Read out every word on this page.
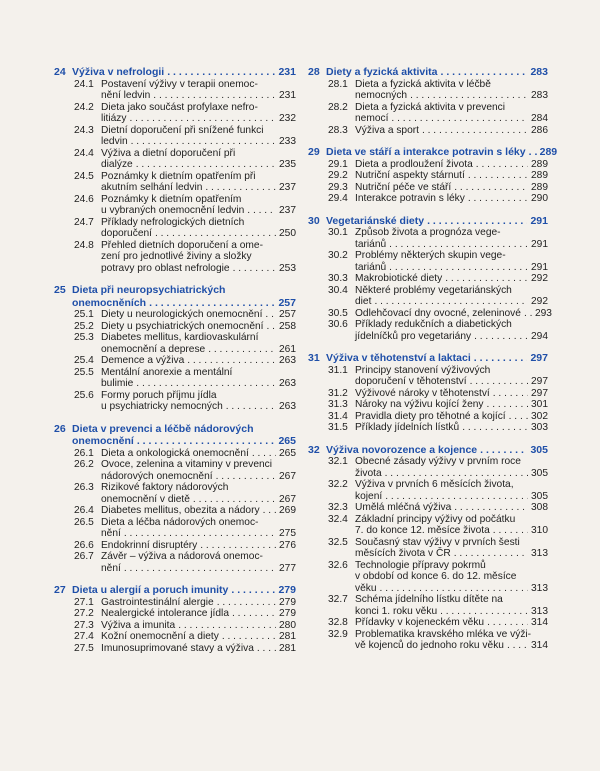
24 Výživa v nefrologii . . .	231
24.1 Postavení výživy v terapii onemoc-
nění ledvin . . .	231
24.2 Dieta jako součást profylaxe nefro-
litiázy . . .	232
24.3 Dietní doporučení při snížené funkci
ledvin . . .	233
24.4 Výživa a dietní doporučení při
dialýze . . .	235
24.5 Poznámky k dietním opatřením při
akutním selhání ledvin . . .	237
24.6 Poznámky k dietním opatřením
u vybraných onemocnění ledvin . . .	237
24.7 Příklady nefrologických dietních
doporučení . . .	250
24.8 Přehled dietních doporučení a ome-
zení pro jednotlivé živiny a složky
potravy pro oblast nefrologie . . .	253
25 Dieta při neuropsychiatrických
onemocněních . . .	257
25.1 Diety u neurologických onemocnění . . . 257
25.2 Diety u psychiatrických onemocnění . . . 258
25.3 Diabetes mellitus, kardiovaskulární
onemocnění a deprese . . .	261
25.4 Demence a výživa . . .	263
25.5 Mentální anorexie a mentální
bulimie . . .	263
25.6 Formy poruch příjmu jídla
u psychiatricky nemocných . . .	263
26 Dieta v prevenci a léčbě nádorových
onemocnění . . .	265
26.1 Dieta a onkologická onemocnění . . .	265
26.2 Ovoce, zelenina a vitaminy v prevenci
nádorových onemocnění . . .	267
26.3 Rizikové faktory nádorových
onemocnění v dietě . . .	267
26.4 Diabetes mellitus, obezita a nádory . . . 269
26.5 Dieta a léčba nádorových onemoc-
nění . . .	275
26.6 Endokrinní disruptéry . . .	276
26.7 Závěr – výživa a nádorová onemoc-
nění . . .	277
27 Dieta u alergií a poruch imunity . . .	279
27.1 Gastrointestinální alergie . . .	279
27.2 Nealergické intolerance jídla . . .	279
27.3 Výživa a imunita . . .	280
27.4 Kožní onemocnění a diety . . .	281
27.5 Imunosuprimované stavy a výživa . . . 281
28 Diety a fyzická aktivita . . .	283
28.1 Dieta a fyzická aktivita v léčbě
nemocných . . .	283
28.2 Dieta a fyzická aktivita v prevenci
nemocí . . .	284
28.3 Výživa a sport . . .	286
29 Dieta ve stáří a interakce potravin s léky . . . 289
29.1 Dieta a prodloužení života . . .	289
29.2 Nutriční aspekty stárnutí . . .	289
29.3 Nutriční péče ve stáří . . .	289
29.4 Interakce potravin s léky . . .	290
30 Vegetariánské diety . . .	291
30.1 Způsob života a prognóza vege-
tariánů . . .	291
30.2 Problémy některých skupin vege-
tariánů . . .	291
30.3 Makrobiotické diety . . .	292
30.4 Některé problémy vegetariánských
diet . . .	292
30.5 Odlehčovací dny ovocné, zeleninové . . . 293
30.6 Příklady redukčních a diabetických
jídelníčků pro vegetariány . . .	294
31 Výživa v těhotenství a laktaci . . .	297
31.1 Principy stanovení výživových
doporučení v těhotenství . . .	297
31.2 Výživové nároky v těhotenství . . .	297
31.3 Nároky na výživu kojící ženy . . .	301
31.4 Pravidla diety pro těhotné a kojící . . . 302
31.5 Příklady jídelních lístků . . .	303
32 Výživa novorozence a kojence . . .	305
32.1 Obecné zásady výživy v prvním roce
života . . .	305
32.2 Výživa v prvních 6 měsících života,
kojení . . .	305
32.3 Umělá mléčná výživa . . .	308
32.4 Základní principy výživy od počátku
7. do konce 12. měsíce života . . .	310
32.5 Současný stav výživy v prvních šesti
měsících života v ČR . . .	313
32.6 Technologie přípravy pokrmů
v období od konce 6. do 12. měsíce
věku . . .	313
32.7 Schéma jídelního lístku dítěte na
konci 1. roku věku . . .	313
32.8 Přídavky v kojeneckém věku . . .	314
32.9 Problematika kravského mléka ve výži-
vě kojenců do jednoho roku věku . . .	314
